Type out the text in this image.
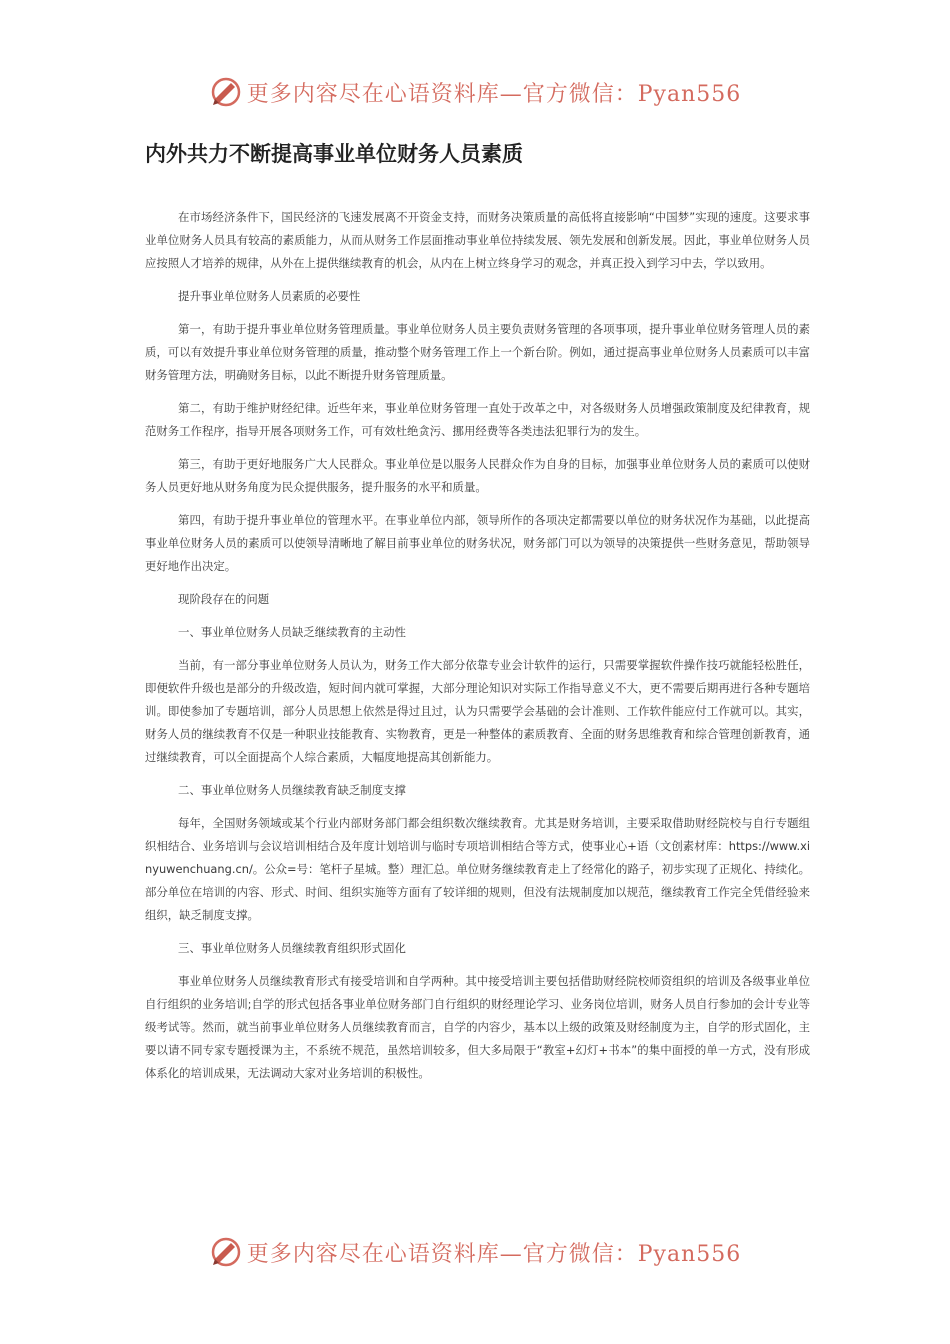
更多内容尽在心语资料库—官方微信：Pyan556
内外共力不断提高事业单位财务人员素质

在市场经济条件下，国民经济的飞速发展离不开资金支持，而财务决策质量的高低将直接影响“中国梦”实现的速度。这要求事业单位财务人员具有较高的素质能力，从而从财务工作层面推动事业单位持续发展、领先发展和创新发展。因此，事业单位财务人员应按照人才培养的规律，从外在上提供继续教育的机会，从内在上树立终身学习的观念，并真正投入到学习中去，学以致用。

提升事业单位财务人员素质的必要性

第一，有助于提升事业单位财务管理质量。事业单位财务人员主要负责财务管理的各项事项，提升事业单位财务管理人员的素质，可以有效提升事业单位财务管理的质量，推动整个财务管理工作上一个新台阶。例如，通过提高事业单位财务人员素质可以丰富财务管理方法，明确财务目标，以此不断提升财务管理质量。

第二，有助于维护财经纪律。近些年来，事业单位财务管理一直处于改革之中，对各级财务人员增强政策制度及纪律教育，规范财务工作程序，指导开展各项财务工作，可有效杜绝贪污、挪用经费等各类违法犯罪行为的发生。

第三，有助于更好地服务广大人民群众。事业单位是以服务人民群众作为自身的目标，加强事业单位财务人员的素质可以使财务人员更好地从财务角度为民众提供服务，提升服务的水平和质量。

第四，有助于提升事业单位的管理水平。在事业单位内部，领导所作的各项决定都需要以单位的财务状况作为基础，以此提高事业单位财务人员的素质可以使领导清晰地了解目前事业单位的财务状况，财务部门可以为领导的决策提供一些财务意见，帮助领导更好地作出决定。

现阶段存在的问题

一、事业单位财务人员缺乏继续教育的主动性

当前，有一部分事业单位财务人员认为，财务工作大部分依靠专业会计软件的运行，只需要掌握软件操作技巧就能轻松胜任，即便软件升级也是部分的升级改造，短时间内就可掌握，大部分理论知识对实际工作指导意义不大，更不需要后期再进行各种专题培训。即使参加了专题培训，部分人员思想上依然是得过且过，认为只需要学会基础的会计准则、工作软件能应付工作就可以。其实，财务人员的继续教育不仅是一种职业技能教育、实物教育，更是一种整体的素质教育、全面的财务思维教育和综合管理创新教育，通过继续教育，可以全面提高个人综合素质，大幅度地提高其创新能力。

二、事业单位财务人员继续教育缺乏制度支撑

每年，全国财务领域或某个行业内部财务部门都会组织数次继续教育。尤其是财务培训，主要采取借助财经院校与自行专题组织相结合、业务培训与会议培训相结合及年度计划培训与临时专项培训相结合等方式，使事业心+语（文创素材库：https://www.xinyuwenchuang.cn/。公众=号：笔杆子星城。整）理汇总。单位财务继续教育走上了经常化的路子，初步实现了正规化、持续化。部分单位在培训的内容、形式、时间、组织实施等方面有了较详细的规则，但没有法规制度加以规范，继续教育工作完全凭借经验来组织，缺乏制度支撑。

三、事业单位财务人员继续教育组织形式固化

事业单位财务人员继续教育形式有接受培训和自学两种。其中接受培训主要包括借助财经院校师资组织的培训及各级事业单位自行组织的业务培训;自学的形式包括各事业单位财务部门自行组织的财经理论学习、业务岗位培训，财务人员自行参加的会计专业等级考试等。然而，就当前事业单位财务人员继续教育而言，自学的内容少，基本以上级的政策及财经制度为主，自学的形式固化，主要以请不同专家专题授课为主，不系统不规范，虽然培训较多，但大多局限于“教室+幻灯+书本”的集中面授的单一方式，没有形成体系化的培训成果，无法调动大家对业务培训的积极性。

更多内容尽在心语资料库—官方微信：Pyan556
